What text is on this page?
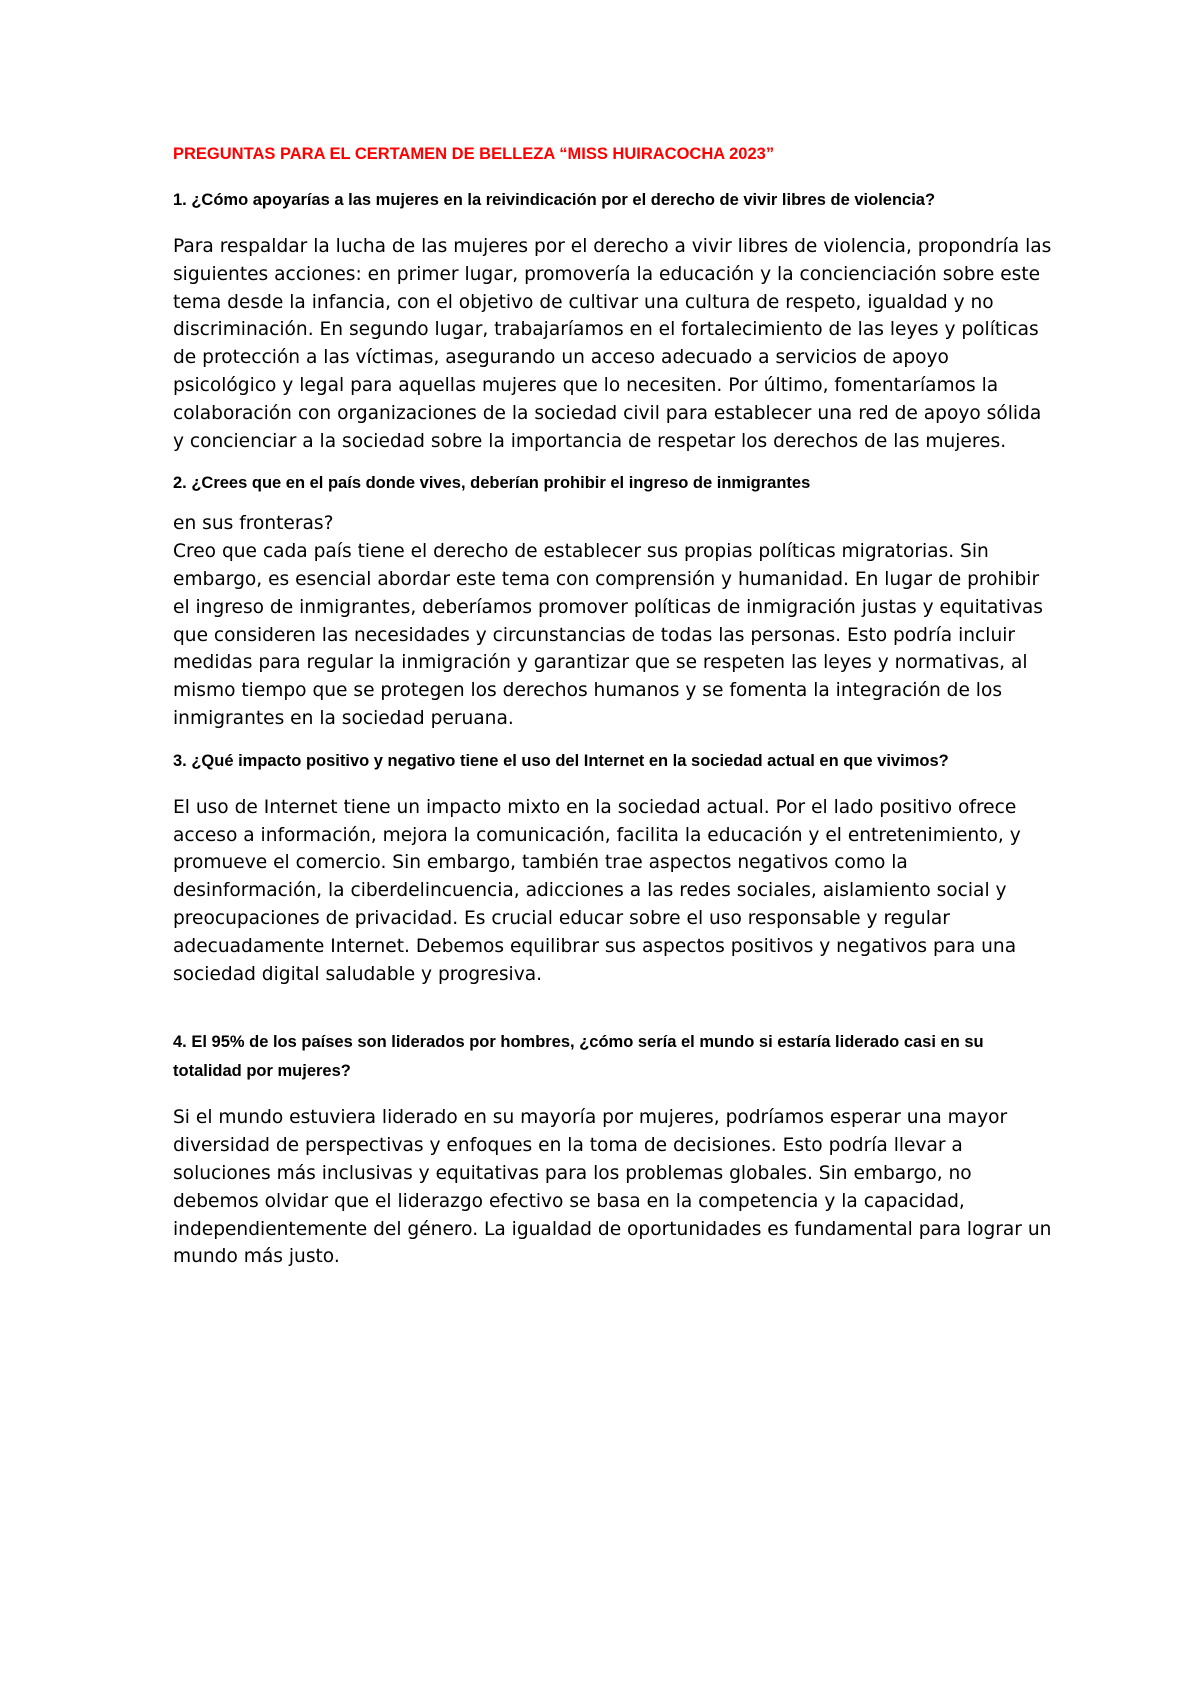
PREGUNTAS PARA EL CERTAMEN DE BELLEZA “MISS HUIRACOCHA 2023”

1. ¿Cómo apoyarías a las mujeres en la reivindicación por el derecho de vivir libres de violencia?

Para respaldar la lucha de las mujeres por el derecho a vivir libres de violencia, propondría las siguientes acciones: en primer lugar, promovería la educación y la concienciación sobre este tema desde la infancia, con el objetivo de cultivar una cultura de respeto, igualdad y no discriminación. En segundo lugar, trabajaríamos en el fortalecimiento de las leyes y políticas de protección a las víctimas, asegurando un acceso adecuado a servicios de apoyo psicológico y legal para aquellas mujeres que lo necesiten. Por último, fomentaríamos la colaboración con organizaciones de la sociedad civil para establecer una red de apoyo sólida y concienciar a la sociedad sobre la importancia de respetar los derechos de las mujeres.

2. ¿Crees que en el país donde vives, deberían prohibir el ingreso de inmigrantes

en sus fronteras?

Creo que cada país tiene el derecho de establecer sus propias políticas migratorias. Sin embargo, es esencial abordar este tema con comprensión y humanidad. En lugar de prohibir el ingreso de inmigrantes, deberíamos promover políticas de inmigración justas y equitativas que consideren las necesidades y circunstancias de todas las personas. Esto podría incluir medidas para regular la inmigración y garantizar que se respeten las leyes y normativas, al mismo tiempo que se protegen los derechos humanos y se fomenta la integración de los inmigrantes en la sociedad peruana.

3. ¿Qué impacto positivo y negativo tiene el uso del Internet en la sociedad actual en que vivimos?

El uso de Internet tiene un impacto mixto en la sociedad actual. Por el lado positivo ofrece acceso a información, mejora la comunicación, facilita la educación y el entretenimiento, y promueve el comercio. Sin embargo, también trae aspectos negativos como la desinformación, la ciberdelincuencia, adicciones a las redes sociales, aislamiento social y preocupaciones de privacidad. Es crucial educar sobre el uso responsable y regular adecuadamente Internet. Debemos equilibrar sus aspectos positivos y negativos para una sociedad digital saludable y progresiva.

4. El 95% de los países son liderados por hombres, ¿cómo sería el mundo si estaría liderado casi en su totalidad por mujeres?

Si el mundo estuviera liderado en su mayoría por mujeres, podríamos esperar una mayor diversidad de perspectivas y enfoques en la toma de decisiones. Esto podría llevar a soluciones más inclusivas y equitativas para los problemas globales. Sin embargo, no debemos olvidar que el liderazgo efectivo se basa en la competencia y la capacidad, independientemente del género. La igualdad de oportunidades es fundamental para lograr un mundo más justo.
